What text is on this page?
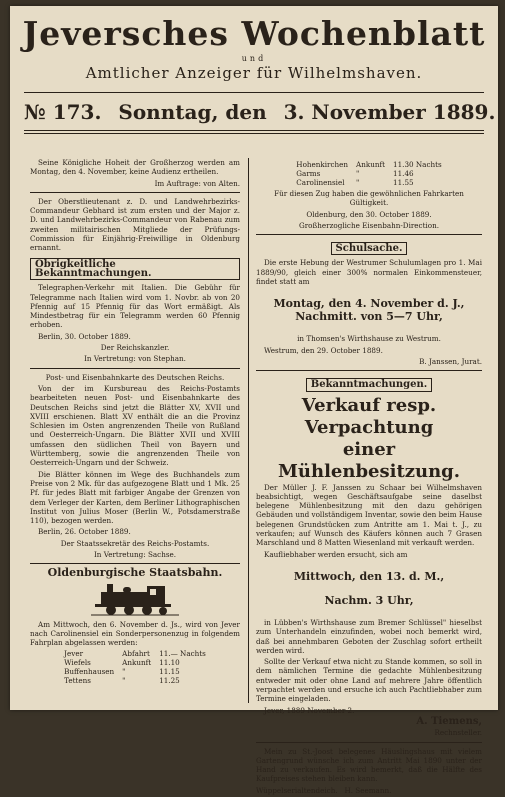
Jeversches Wochenblatt
und
Amtlicher Anzeiger für Wilhelmshaven.
№ 173. Sonntag, den 3. November 1889.

Seine Königliche Hoheit der Großherzog werden am Montag, den 4. November, keine Audienz ertheilen.

Im Auftrage: von Alten.

Der Oberstlieutenant z. D. und Landwehrbezirks-Commandeur Gebhard ist zum ersten und der Major z. D. und Landwehrbezirks-Commandeur von Rabenau zum zweiten militairischen Mitgliede der Prüfungs-Commission für Einjährig-Freiwillige in Oldenburg ernannt.

Obrigkeitliche Bekanntmachungen.

Telegraphen-Verkehr mit Italien. Die Gebühr für Telegramme nach Italien wird vom 1. Novbr. ab von 20 Pfennig auf 15 Pfennig für das Wort ermäßigt. Als Mindestbetrag für ein Telegramm werden 60 Pfennig erhoben.

Berlin, 30. October 1889.

Der Reichskanzler.

In Vertretung: von Stephan.

Post- und Eisenbahnkarte des Deutschen Reichs.

Von der im Kursbureau des Reichs-Postamts bearbeiteten neuen Post- und Eisenbahnkarte des Deutschen Reichs sind jetzt die Blätter XV, XVII und XVIII erschienen. Blatt XV enthält die an die Provinz Schlesien im Osten angrenzenden Theile von Rußland und Oesterreich-Ungarn. Die Blätter XVII und XVIII umfassen den südlichen Theil von Bayern und Württemberg, sowie die angrenzenden Theile von Oesterreich-Ungarn und der Schweiz.

Die Blätter können im Wege des Buchhandels zum Preise von 2 Mk. für das aufgezogene Blatt und 1 Mk. 25 Pf. für jedes Blatt mit farbiger Angabe der Grenzen von dem Verleger der Karten, dem Berliner Lithographischen Institut von Julius Moser (Berlin W., Potsdamerstraße 110), bezogen werden.

Berlin, 26. October 1889.

Der Staatssekretär des Reichs-Postamts.

In Vertretung: Sachse.

Oldenburgische Staatsbahn.

Am Mittwoch, den 6. November d. Js., wird von Jever nach Carolinensiel ein Sonderpersonenzug in folgendem Fahrplan abgelassen werden:

Jever	Abfahrt	11.— Nachts
Wiefels	Ankunft	11.10
Buffenhausen	"	11.15
Tettens	"	11.25
Hohenkirchen	Ankunft	11.30 Nachts
Garms	"	11.46
Carolinensiel	"	11.55

Für diesen Zug haben die gewöhnlichen Fahrkarten Gültigkeit.

Oldenburg, den 30. October 1889.

Großherzogliche Eisenbahn-Direction.

Schulsache.

Die erste Hebung der Westrumer Schulumlagen pro 1. Mai 1889/90, gleich einer 300% normalen Einkommensteuer, findet statt am

Montag, den 4. November d. J., Nachmitt. von 5—7 Uhr,

in Thomsen's Wirthshause zu Westrum.

Westrum, den 29. October 1889.

B. Janssen, Jurat.

Bekanntmachungen.
Verkauf resp. Verpachtung
einer Mühlenbesitzung.

Der Müller J. F. Janssen zu Schaar bei Wilhelmshaven beabsichtigt, wegen Geschäftsaufgabe seine daselbst belegene Mühlenbesitzung mit den dazu gehörigen Gebäuden und vollständigem Inventar, sowie den beim Hause belegenen Grundstücken zum Antritte am 1. Mai t. J., zu verkaufen; auf Wunsch des Käufers können auch 7 Grasen Marschland und 8 Matten Wiesenland mit verkauft werden.

Kaufliebhaber werden ersucht, sich am

Mittwoch, den 13. d. M.,

Nachm. 3 Uhr,

in Lübben's Wirthshause zum Bremer Schlüssel" hieselbst zum Unterhandeln einzufinden, wobei noch bemerkt wird, daß bei annehmbaren Geboten der Zuschlag sofort ertheilt werden wird.

Sollte der Verkauf etwa nicht zu Stande kommen, so soll in dem nämlichen Termine die gedachte Mühlenbesitzung entweder mit oder ohne Land auf mehrere Jahre öffentlich verpachtet werden und ersuche ich auch Pachtliebhaber zum Termine eingeladen.

Jever, 1889 November 2.

A. Tiemens,

Rechnsteller.

Mein zu St.-Joost belegenes Häuslingshaus mit vielem Gartengrund wünsche ich zum Antritt Mai 1890 unter der Hand zu verkaufen. Es wird bemerkt, daß die Hälfte des Kaufpreises stehen bleiben kann.

Wüppelserialtendeich. H. Seemann.
